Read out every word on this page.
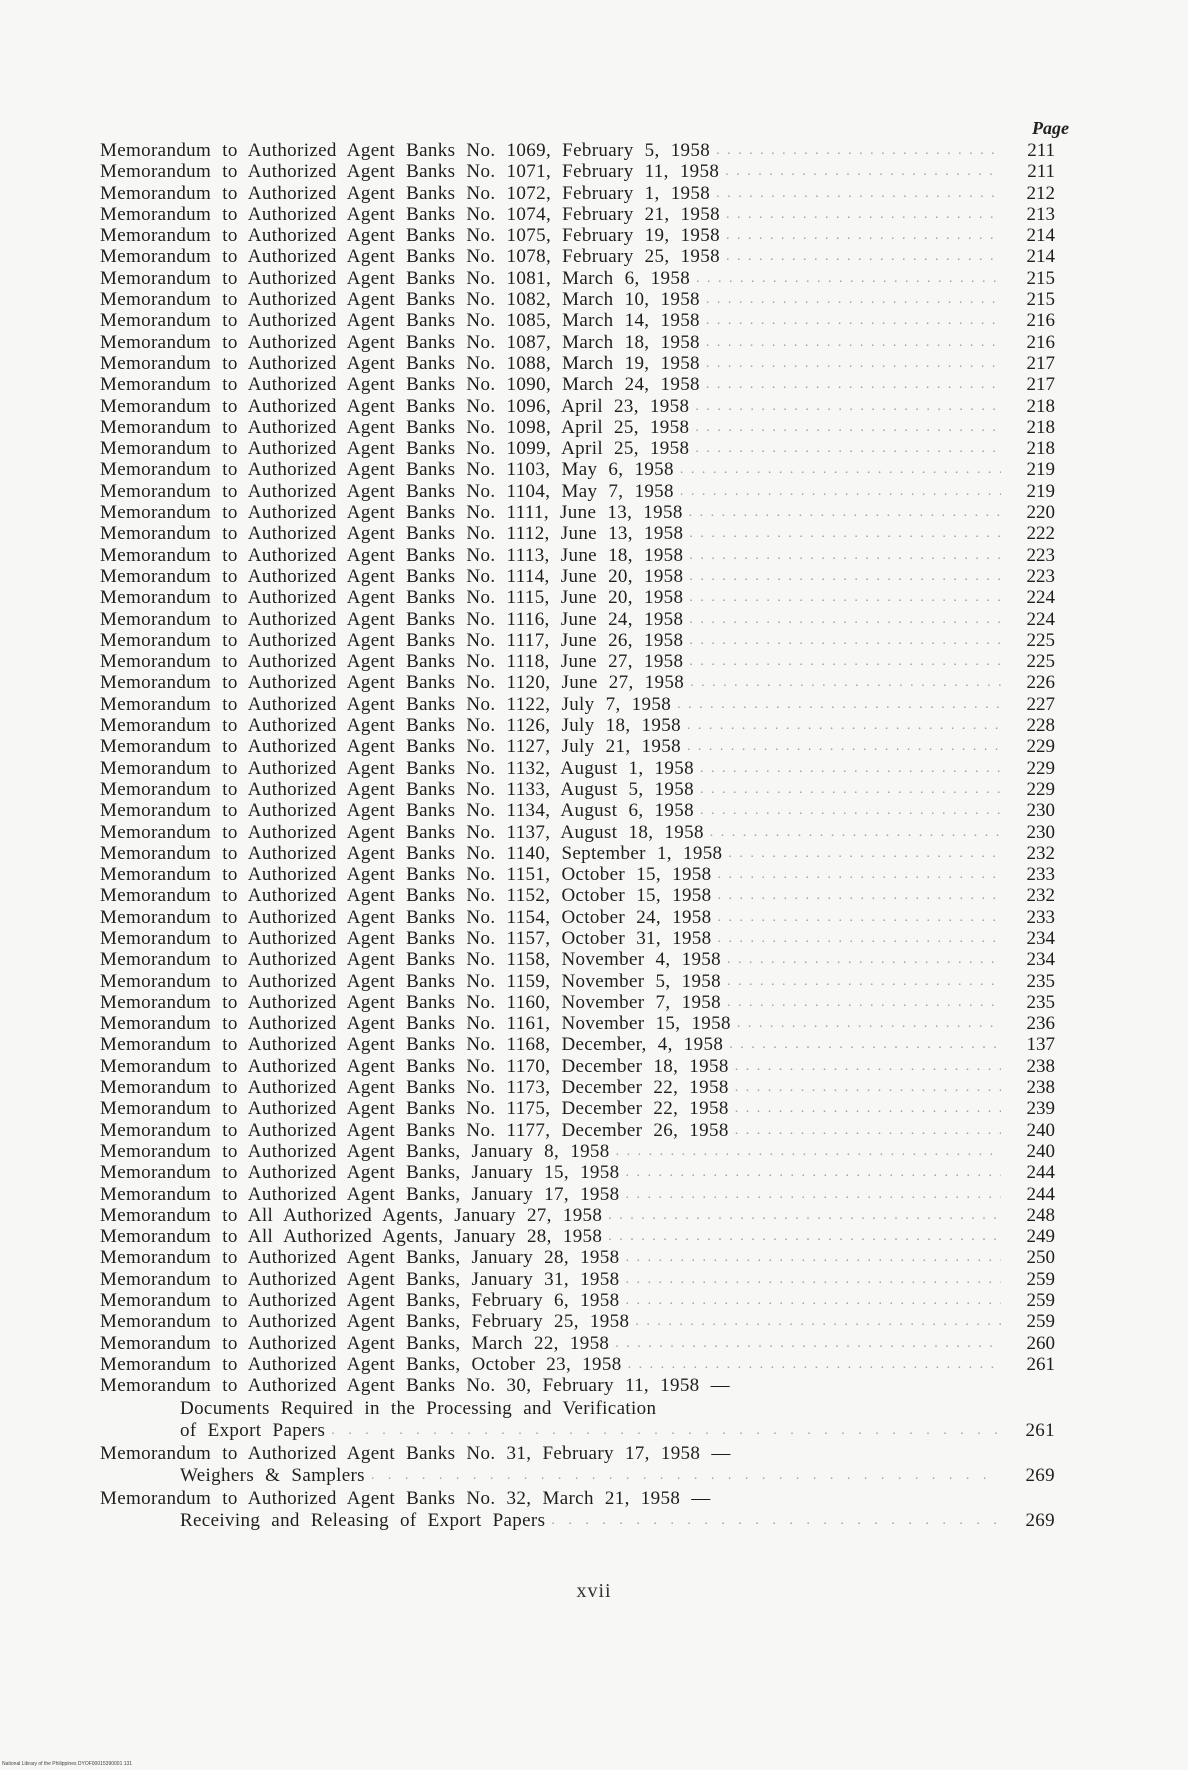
Page
Memorandum to Authorized Agent Banks No. 1069, February 5, 1958 . . .	211
Memorandum to Authorized Agent Banks No. 1071, February 11, 1958 . . .	211
Memorandum to Authorized Agent Banks No. 1072, February 1, 1958 . . .	212
Memorandum to Authorized Agent Banks No. 1074, February 21, 1958 . . .	213
Memorandum to Authorized Agent Banks No. 1075, February 19, 1958 . . .	214
Memorandum to Authorized Agent Banks No. 1078, February 25, 1958 . . .	214
Memorandum to Authorized Agent Banks No. 1081, March 6, 1958 . . .	215
Memorandum to Authorized Agent Banks No. 1082, March 10, 1958 . . .	215
Memorandum to Authorized Agent Banks No. 1085, March 14, 1958 . . .	216
Memorandum to Authorized Agent Banks No. 1087, March 18, 1958 . . .	216
Memorandum to Authorized Agent Banks No. 1088, March 19, 1958 . . .	217
Memorandum to Authorized Agent Banks No. 1090, March 24, 1958 . . .	217
Memorandum to Authorized Agent Banks No. 1096, April 23, 1958 . . .	218
Memorandum to Authorized Agent Banks No. 1098, April 25, 1958 . . .	218
Memorandum to Authorized Agent Banks No. 1099, April 25, 1958 . . .	218
Memorandum to Authorized Agent Banks No. 1103, May 6, 1958 . . .	219
Memorandum to Authorized Agent Banks No. 1104, May 7, 1958 . . .	219
Memorandum to Authorized Agent Banks No. 1111, June 13, 1958 . . .	220
Memorandum to Authorized Agent Banks No. 1112, June 13, 1958 . . .	222
Memorandum to Authorized Agent Banks No. 1113, June 18, 1958 . . .	223
Memorandum to Authorized Agent Banks No. 1114, June 20, 1958 . . .	223
Memorandum to Authorized Agent Banks No. 1115, June 20, 1958 . . .	224
Memorandum to Authorized Agent Banks No. 1116, June 24, 1958 . . .	224
Memorandum to Authorized Agent Banks No. 1117, June 26, 1958 . . .	225
Memorandum to Authorized Agent Banks No. 1118, June 27, 1958 . . .	225
Memorandum to Authorized Agent Banks No. 1120, June 27, 1958 . . .	226
Memorandum to Authorized Agent Banks No. 1122, July 7, 1958 . . .	227
Memorandum to Authorized Agent Banks No. 1126, July 18, 1958 . . .	228
Memorandum to Authorized Agent Banks No. 1127, July 21, 1958 . . .	229
Memorandum to Authorized Agent Banks No. 1132, August 1, 1958 . . .	229
Memorandum to Authorized Agent Banks No. 1133, August 5, 1958 . . .	229
Memorandum to Authorized Agent Banks No. 1134, August 6, 1958 . . .	230
Memorandum to Authorized Agent Banks No. 1137, August 18, 1958 . . .	230
Memorandum to Authorized Agent Banks No. 1140, September 1, 1958 . . .	232
Memorandum to Authorized Agent Banks No. 1151, October 15, 1958 . . .	233
Memorandum to Authorized Agent Banks No. 1152, October 15, 1958 . . .	232
Memorandum to Authorized Agent Banks No. 1154, October 24, 1958 . . .	233
Memorandum to Authorized Agent Banks No. 1157, October 31, 1958 . . .	234
Memorandum to Authorized Agent Banks No. 1158, November 4, 1958 . . .	234
Memorandum to Authorized Agent Banks No. 1159, November 5, 1958 . . .	235
Memorandum to Authorized Agent Banks No. 1160, November 7, 1958 . . .	235
Memorandum to Authorized Agent Banks No. 1161, November 15, 1958 . . .	236
Memorandum to Authorized Agent Banks No. 1168, December, 4, 1958 . . .	137
Memorandum to Authorized Agent Banks No. 1170, December 18, 1958 . . .	238
Memorandum to Authorized Agent Banks No. 1173, December 22, 1958 . . .	238
Memorandum to Authorized Agent Banks No. 1175, December 22, 1958 . . .	239
Memorandum to Authorized Agent Banks No. 1177, December 26, 1958 . . .	240
Memorandum to Authorized Agent Banks, January 8, 1958 . . .	240
Memorandum to Authorized Agent Banks, January 15, 1958 . . .	244
Memorandum to Authorized Agent Banks, January 17, 1958 . . .	244
Memorandum to All Authorized Agents, January 27, 1958 . . .	248
Memorandum to All Authorized Agents, January 28, 1958 . . .	249
Memorandum to Authorized Agent Banks, January 28, 1958 . . .	250
Memorandum to Authorized Agent Banks, January 31, 1958 . . .	259
Memorandum to Authorized Agent Banks, February 6, 1958 . . .	259
Memorandum to Authorized Agent Banks, February 25, 1958 . . .	259
Memorandum to Authorized Agent Banks, March 22, 1958 . . .	260
Memorandum to Authorized Agent Banks, October 23, 1958 . . .	261
Memorandum to Authorized Agent Banks No. 30, February 11, 1958 —
Documents Required in the Processing and Verification
of Export Papers . . .	261
Memorandum to Authorized Agent Banks No. 31, February 17, 1958 —
Weighers & Samplers . . .	269
Memorandum to Authorized Agent Banks No. 32, March 21, 1958 —
Receiving and Releasing of Export Papers . . .	269
xvii
National Library of the Philippines DYOF00015390001 131
